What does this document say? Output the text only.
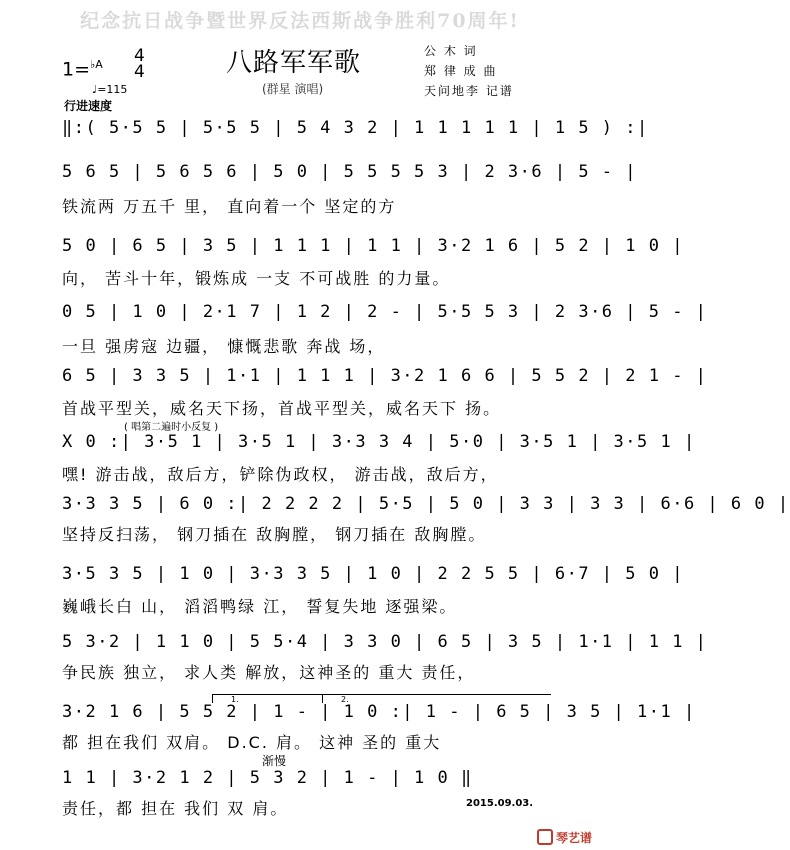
纪念抗日战争暨世界反法西斯战争胜利70周年!
1=$^{♭A}$ 4
4
♩=115
行进速度
八路军军歌
(群星 演唱)
公 木 词
郑 律 成 曲
天问地李 记谱
‖:( 5·5 5 | 5·5 5 | 5 4 3 2 | 1 1 1 1 1 | 1 5 ) :|
5 6 5 | 5 6 5 6 | 5 0 | 5 5 5 5 3 | 2 3·6 | 5 - |
铁流两 万五千 里， 直向着一个 坚定的方
5 0 | 6 5 | 3 5 | 1 1 1 | 1 1 | 3·2 1 6 | 5 2 | 1 0 |
向， 苦斗十年，锻炼成 一支 不可战胜 的力量。
0 5 | 1 0 | 2·1 7 | 1 2 | 2 - | 5·5 5 3 | 2 3·6 | 5 - |
一旦 强虏寇 边疆， 慷慨悲歌 奔战 场，
6 5 | 3 3 5 | 1·1 | 1 1 1 | 3·2 1 6 6 | 5 5 2 | 2 1 - |
首战平型关，威名天下扬，首战平型关，威名天下 扬。
( 唱第二遍时小反复 )
X 0 :| 3·5 1 | 3·5 1 | 3·3 3 4 | 5·0 | 3·5 1 | 3·5 1 |
嘿! 游击战，敌后方，铲除伪政权， 游击战，敌后方，
3·3 3 5 | 6 0 :| 2 2 2 2 | 5·5 | 5 0 | 3 3 | 3 3 | 6·6 | 6 0 |
坚持反扫荡， 钢刀插在 敌胸膛， 钢刀插在 敌胸膛。
3·5 3 5 | 1 0 | 3·3 3 5 | 1 0 | 2 2 5 5 | 6·7 | 5 0 |
巍峨长白 山， 滔滔鸭绿 江， 誓复失地 逐强梁。
5 3·2 | 1 1 0 | 5 5·4 | 3 3 0 | 6 5 | 3 5 | 1·1 | 1 1 |
争民族 独立， 求人类 解放，这神圣的 重大 责任，
1.	2.
3·2 1 6 | 5 5 2 | 1 - | 1 0 :| 1 - | 6 5 | 3 5 | 1·1 |
都 担在我们 双肩。 D.C. 肩。 这神 圣的 重大
渐慢
1 1 | 3·2 1 2 | 5 3 2 | 1 - | 1 0 ‖
责任，都 担在 我们 双 肩。	2015.09.03.
琴艺谱
